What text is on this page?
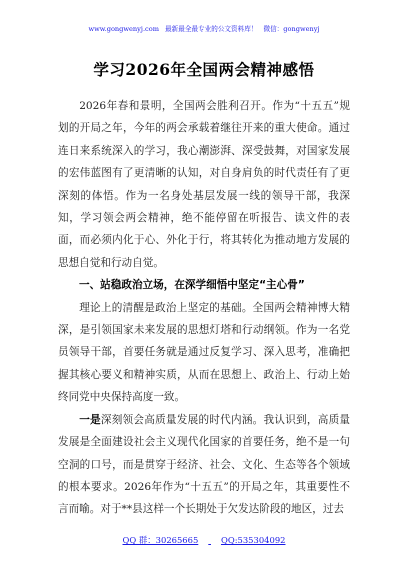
www.gongwenyj.com 最新最全最专业的公文资料库！ 微信：gongwenyj
学习2026年全国两会精神感悟

2026年春和景明，全国两会胜利召开。作为“十五五”规划的开局之年，今年的两会承载着继往开来的重大使命。通过连日来系统深入的学习，我心潮澎湃、深受鼓舞，对国家发展的宏伟蓝图有了更清晰的认知，对自身肩负的时代责任有了更深刻的体悟。作为一名身处基层发展一线的领导干部，我深知，学习领会两会精神，绝不能停留在听报告、读文件的表面，而必须内化于心、外化于行，将其转化为推动地方发展的思想自觉和行动自觉。

一、站稳政治立场，在深学细悟中坚定“主心骨”

理论上的清醒是政治上坚定的基础。全国两会精神博大精深，是引领国家未来发展的思想灯塔和行动纲领。作为一名党员领导干部，首要任务就是通过反复学习、深入思考，准确把握其核心要义和精神实质，从而在思想上、政治上、行动上始终同党中央保持高度一致。

一是深刻领会高质量发展的时代内涵。我认识到，高质量发展是全面建设社会主义现代化国家的首要任务，绝不是一句空洞的口号，而是贯穿于经济、社会、文化、生态等各个领域的根本要求。2026年作为“十五五”的开局之年，其重要性不言而喻。对于**县这样一个长期处于欠发达阶段的地区，过去

QQ 群：30265665	QQ:535304092
